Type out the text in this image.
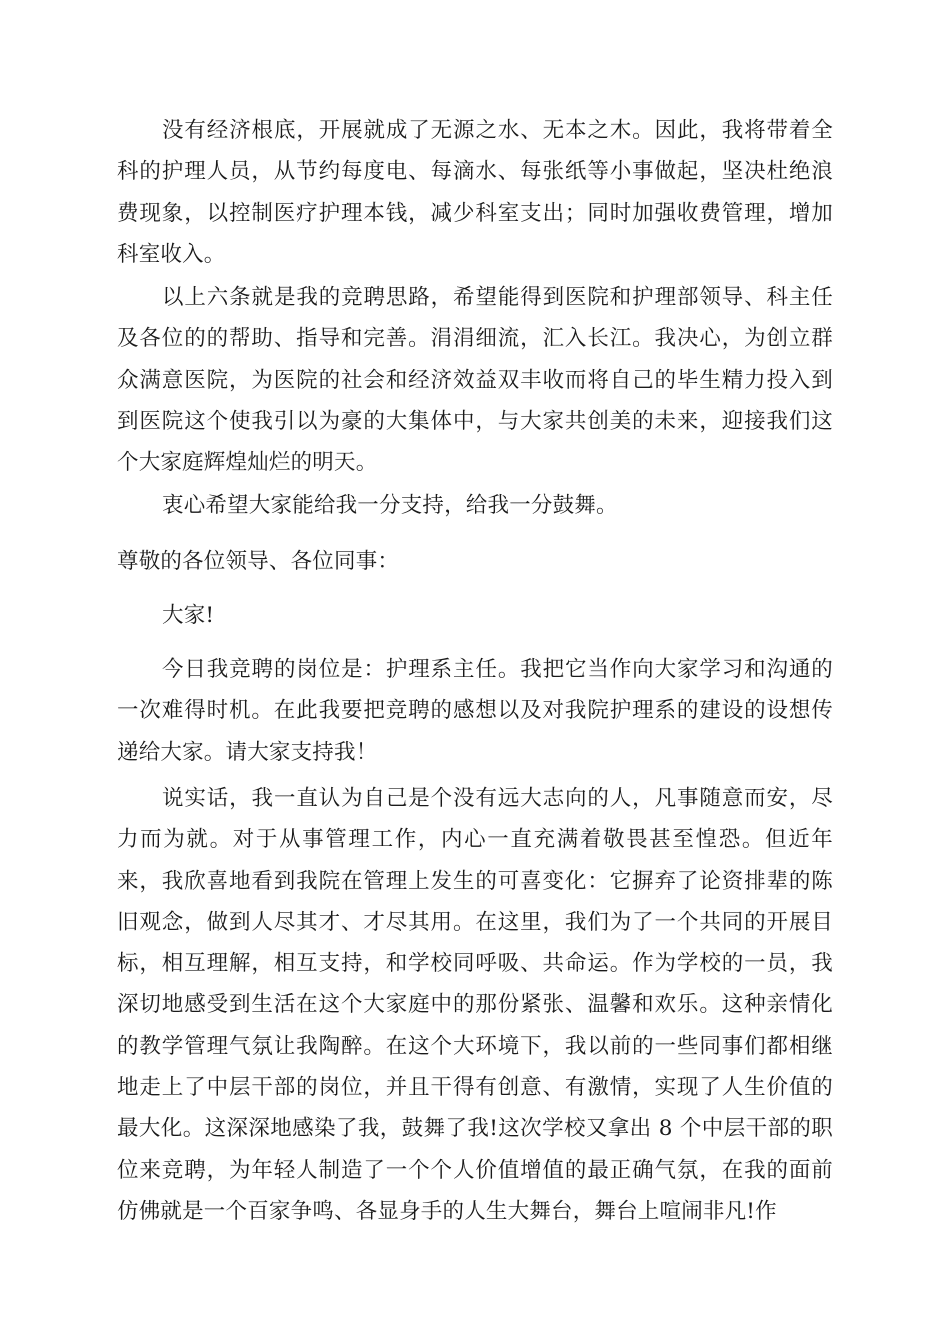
没有经济根底，开展就成了无源之水、无本之木。因此，我将带着全科的护理人员，从节约每度电、每滴水、每张纸等小事做起，坚决杜绝浪费现象，以控制医疗护理本钱，减少科室支出；同时加强收费管理，增加科室收入。

以上六条就是我的竞聘思路，希望能得到医院和护理部领导、科主任及各位的的帮助、指导和完善。涓涓细流，汇入长江。我决心，为创立群众满意医院，为医院的社会和经济效益双丰收而将自己的毕生精力投入到到医院这个使我引以为豪的大集体中，与大家共创美的未来，迎接我们这个大家庭辉煌灿烂的明天。

衷心希望大家能给我一分支持，给我一分鼓舞。

尊敬的各位领导、各位同事：

大家!

今日我竞聘的岗位是：护理系主任。我把它当作向大家学习和沟通的一次难得时机。在此我要把竞聘的感想以及对我院护理系的建设的设想传递给大家。请大家支持我！

说实话，我一直认为自己是个没有远大志向的人，凡事随意而安，尽力而为就。对于从事管理工作，内心一直充满着敬畏甚至惶恐。但近年来，我欣喜地看到我院在管理上发生的可喜变化：它摒弃了论资排辈的陈旧观念，做到人尽其才、才尽其用。在这里，我们为了一个共同的开展目标，相互理解，相互支持，和学校同呼吸、共命运。作为学校的一员，我深切地感受到生活在这个大家庭中的那份紧张、温馨和欢乐。这种亲情化的教学管理气氛让我陶醉。在这个大环境下，我以前的一些同事们都相继地走上了中层干部的岗位，并且干得有创意、有激情，实现了人生价值的最大化。这深深地感染了我，鼓舞了我!这次学校又拿出 8 个中层干部的职位来竞聘，为年轻人制造了一个个人价值增值的最正确气氛，在我的面前仿佛就是一个百家争鸣、各显身手的人生大舞台，舞台上喧闹非凡!作
